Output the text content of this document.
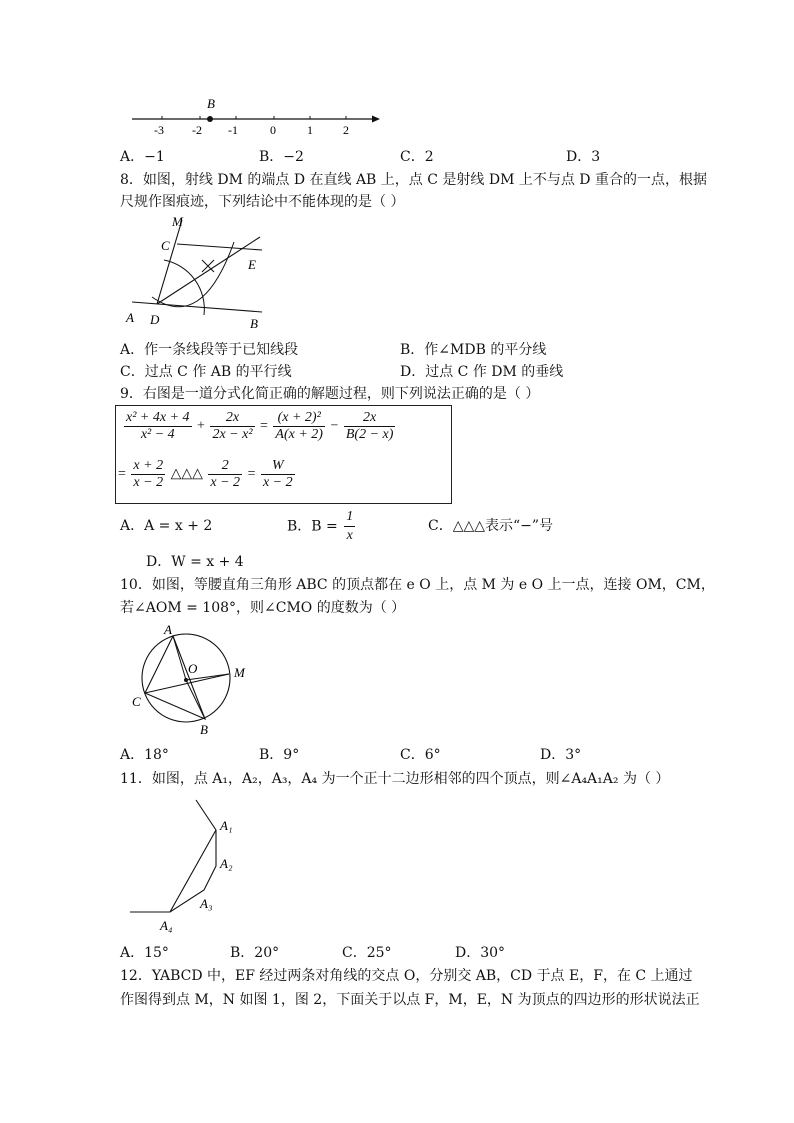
B
-3 -2 -1	0	1	2
A．−1	B．−2	C．2	D．3
8．如图，射线 DM 的端点 D 在直线 AB 上，点 C 是射线 DM 上不与点 D 重合的一点，根据
尺规作图痕迹，下列结论中不能体现的是（ ）
M
C
E
A D	B
A．作一条线段等于已知线段	B．作∠MDB 的平分线
C．过点 C 作 AB 的平行线	D．过点 C 作 DM 的垂线
9．右图是一道分式化简正确的解题过程，则下列说法正确的是（ ）
$\frac{\text{x² + 4x + 4}}{\text{x² − 4}} + \frac{2x}{\text{2x − x²}} = \frac{\text{(x + 2)²}}{A(x + 2)} - \frac{2x}{B(2 - x)}$
= $\frac{x + 2}{x - 2}$ △△△ $\frac{2}{x - 2} = \frac{W}{x - 2}$
A．A = x + 2	B．$B = \frac{1}{x}$	C．△△△表示“−”号
D．W = x + 4
10．如图，等腰直角三角形 ABC 的顶点都在 e O 上，点 M 为 e O 上一点，连接 OM，CM，
若∠AOM = 108°，则∠CMO 的度数为（ ）
A
O	M
C
B
A．18°	B．9°	C．6°	D．3°
11．如图，点 A₁，A₂，A₃，A₄ 为一个正十二边形相邻的四个顶点，则∠A₄A₁A₂ 为（ ）
A₁
A₂
A₃
A₄
A．15°	B．20°	C．25°	D．30°
12．YABCD 中，EF 经过两条对角线的交点 O，分别交 AB，CD 于点 E，F，在 C 上通过
作图得到点 M，N 如图 1，图 2，下面关于以点 F，M，E，N 为顶点的四边形的形状说法正
